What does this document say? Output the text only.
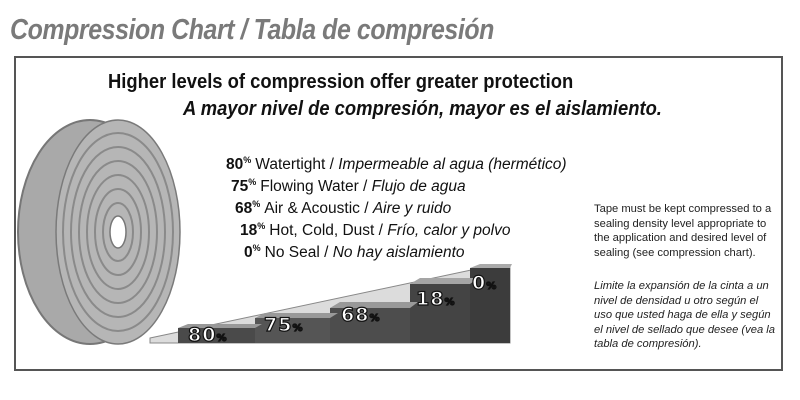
Compression Chart / Tabla de compresión
Higher levels of compression offer greater protection
A mayor nivel de compresión, mayor es el aislamiento.
80% Watertight / Impermeable al agua (hermético)
75% Flowing Water / Flujo de agua
68% Air & Acoustic / Aire y ruido
18% Hot, Cold, Dust / Frío, calor y polvo
0% No Seal / No hay aislamiento
80%
75%
68%
18%
0%
Tape must be kept compressed to a sealing density level appropriate to the application and desired level of sealing (see compression chart).
Limite la expansión de la cinta a un nivel de densidad u otro según el uso que usted haga de ella y según el nivel de sellado que desee (vea la tabla de compresión).
